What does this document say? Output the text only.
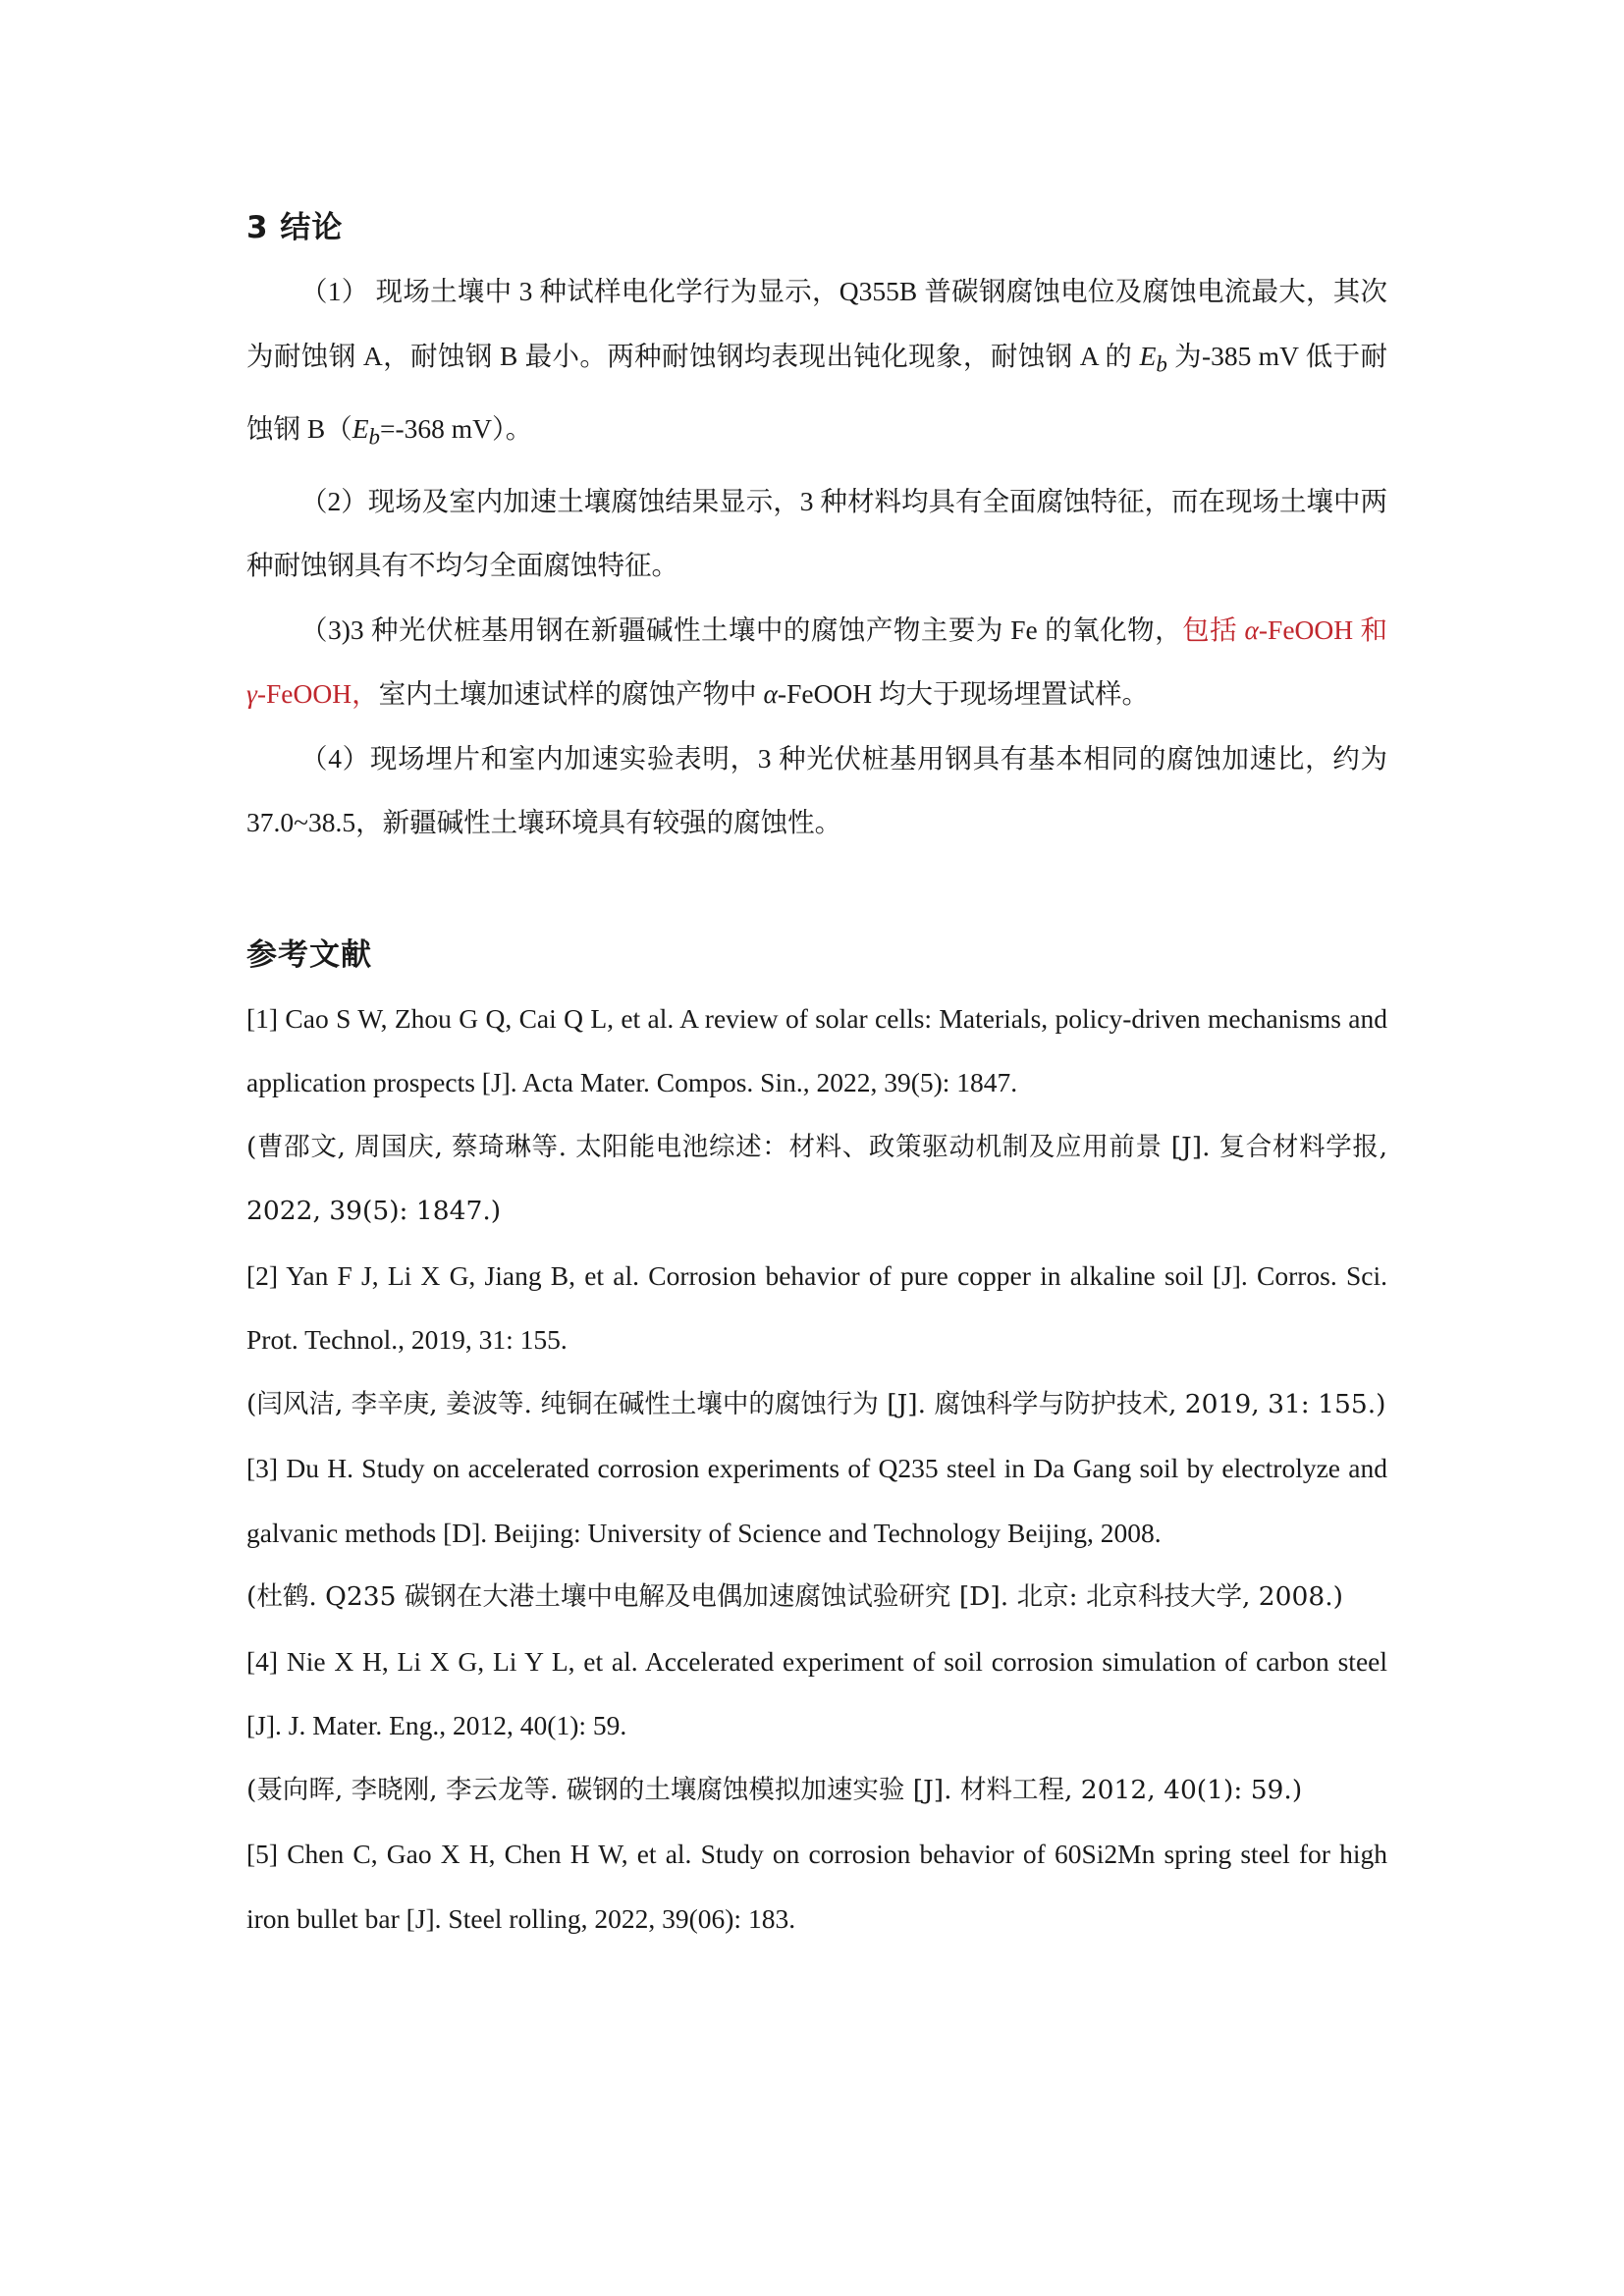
3 结论

（1） 现场土壤中 3 种试样电化学行为显示，Q355B 普碳钢腐蚀电位及腐蚀电流最大，其次为耐蚀钢 A，耐蚀钢 B 最小。两种耐蚀钢均表现出钝化现象，耐蚀钢 A 的 $E_b$ 为-385 mV 低于耐蚀钢 $B(E_b=-368$ mV）。

（2）现场及室内加速土壤腐蚀结果显示，3 种材料均具有全面腐蚀特征，而在现场土壤中两种耐蚀钢具有不均匀全面腐蚀特征。

（3)3 种光伏桩基用钢在新疆碱性土壤中的腐蚀产物主要为 Fe 的氧化物，包括 α-FeOOH 和 γ-FeOOH，室内土壤加速试样的腐蚀产物中 α-FeOOH 均大于现场埋置试样。

（4）现场埋片和室内加速实验表明，3 种光伏桩基用钢具有基本相同的腐蚀加速比，约为 37.0~38.5，新疆碱性土壤环境具有较强的腐蚀性。

参考文献

[1] Cao S W, Zhou G Q, Cai Q L, et al. A review of solar cells: Materials, policy-driven mechanisms and application prospects [J]. Acta Mater. Compos. Sin., 2022, 39(5): 1847.

(曹邵文, 周国庆, 蔡琦琳等. 太阳能电池综述：材料、政策驱动机制及应用前景 [J]. 复合材料学报, 2022, 39(5): 1847.)

[2] Yan F J, Li X G, Jiang B, et al. Corrosion behavior of pure copper in alkaline soil [J]. Corros. Sci. Prot. Technol., 2019, 31: 155.

(闫风洁, 李辛庚, 姜波等. 纯铜在碱性土壤中的腐蚀行为 [J]. 腐蚀科学与防护技术, 2019, 31: 155.)

[3] Du H. Study on accelerated corrosion experiments of Q235 steel in Da Gang soil by electrolyze and galvanic methods [D]. Beijing: University of Science and Technology Beijing, 2008.

(杜鹤. Q235 碳钢在大港土壤中电解及电偶加速腐蚀试验研究 [D]. 北京: 北京科技大学, 2008.)

[4] Nie X H, Li X G, Li Y L, et al. Accelerated experiment of soil corrosion simulation of carbon steel [J]. J. Mater. Eng., 2012, 40(1): 59.

(聂向晖, 李晓刚, 李云龙等. 碳钢的土壤腐蚀模拟加速实验 [J]. 材料工程, 2012, 40(1): 59.)

[5] Chen C, Gao X H, Chen H W, et al. Study on corrosion behavior of 60Si2Mn spring steel for high iron bullet bar [J]. Steel rolling, 2022, 39(06): 183.
